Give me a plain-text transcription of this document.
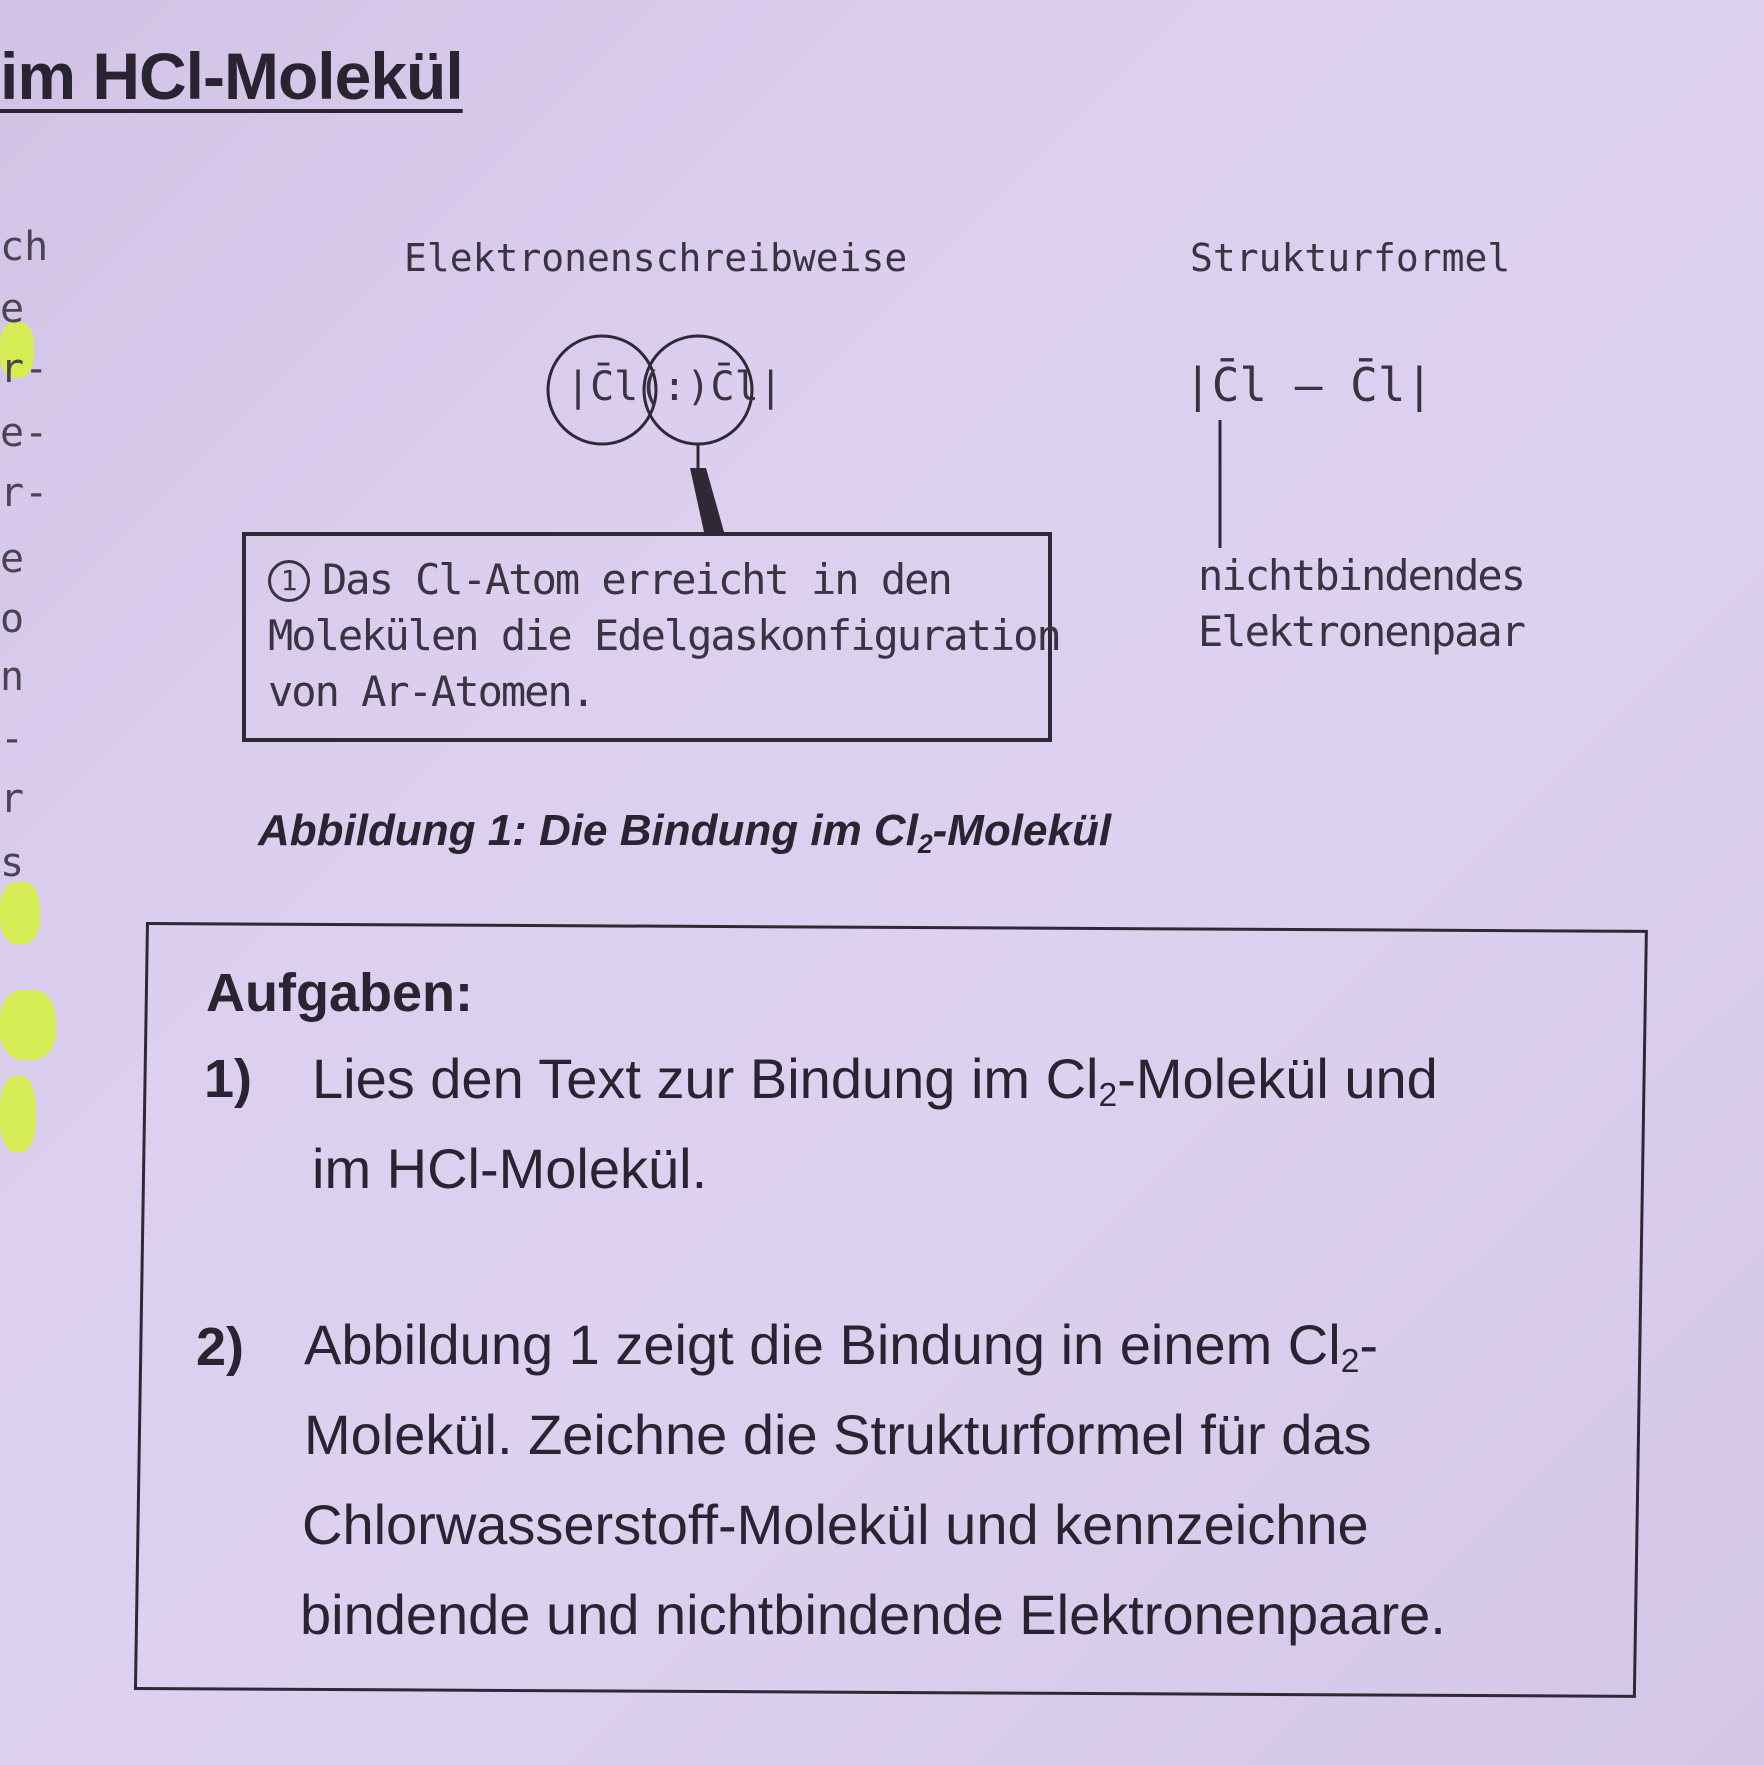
im HCl-Molekül
ch
e
r-
e-
r-
e
o
n
-
r
s
Elektronenschreibweise	Strukturformel
|C̄l(:)C̄l|	|C̄l – C̄l|
1 Das Cl-Atom erreicht in den
Molekülen die Edelgaskonfiguration
von Ar-Atomen.
nichtbindendes
Elektronenpaar
Abbildung 1: Die Bindung im $Cl_2$-Molekül
Aufgaben:
1) Lies den Text zur Bindung im $Cl_2$-Molekül und
im HCl-Molekül.
2) Abbildung 1 zeigt die Bindung in einem $Cl_2-$
Molekül. Zeichne die Strukturformel für das
Chlorwasserstoff-Molekül und kennzeichne
bindende und nichtbindende Elektronenpaare.
